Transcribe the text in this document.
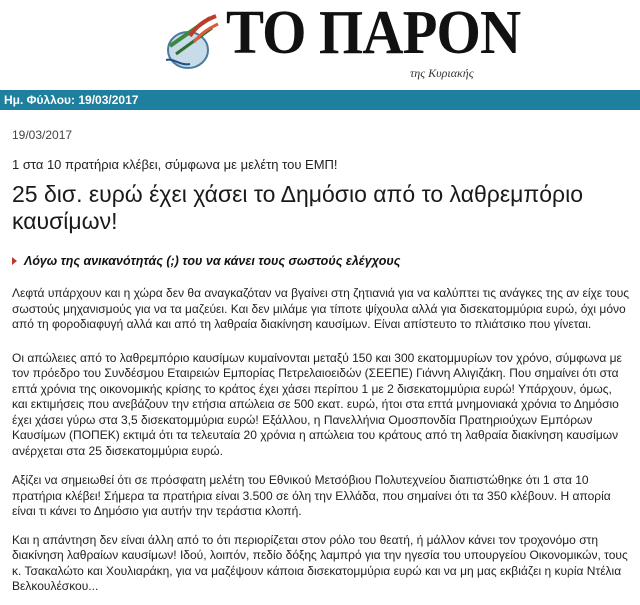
ΤΟ ΠΑΡΟΝ
της Κυριακής
Ημ. Φύλλου: 19/03/2017
19/03/2017
1 στα 10 πρατήρια κλέβει, σύμφωνα με μελέτη του ΕΜΠ!
25 δισ. ευρώ έχει χάσει το Δημόσιο από το λαθρεμπόριο καυσίμων!
Λόγω της ανικανότητάς (;) του να κάνει τους σωστούς ελέγχους

Λεφτά υπάρχουν και η χώρα δεν θα αναγκαζόταν να βγαίνει στη ζητιανιά για να καλύπτει τις ανάγκες της αν είχε τους σωστούς μηχανισμούς για να τα μαζεύει. Και δεν μιλάμε για τίποτε ψίχουλα αλλά για δισεκατομμύρια ευρώ, όχι μόνο από τη φοροδιαφυγή αλλά και από τη λαθραία διακίνηση καυσίμων. Είναι απίστευτο το πλιάτσικο που γίνεται.

Οι απώλειες από το λαθρεμπόριο καυσίμων κυμαίνονται μεταξύ 150 και 300 εκατομμυρίων τον χρόνο, σύμφωνα με τον πρόεδρο του Συνδέσμου Εταιρειών Εμπορίας Πετρελαιοειδών (ΣΕΕΠΕ) Γιάννη Αλιγιζάκη. Που σημαίνει ότι στα επτά χρόνια της οικονομικής κρίσης το κράτος έχει χάσει περίπου 1 με 2 δισεκατομμύρια ευρώ! Υπάρχουν, όμως, και εκτιμήσεις που ανεβάζουν την ετήσια απώλεια σε 500 εκατ. ευρώ, ήτοι στα επτά μνημονιακά χρόνια το Δημόσιο έχει χάσει γύρω στα 3,5 δισεκατομμύρια ευρώ! Εξάλλου, η Πανελλήνια Ομοσπονδία Πρατηριούχων Εμπόρων Καυσίμων (ΠΟΠΕΚ) εκτιμά ότι τα τελευταία 20 χρόνια η απώλεια του κράτους από τη λαθραία διακίνηση καυσίμων ανέρχεται στα 25 δισεκατομμύρια ευρώ.

Αξίζει να σημειωθεί ότι σε πρόσφατη μελέτη του Εθνικού Μετσόβιου Πολυτεχνείου διαπιστώθηκε ότι 1 στα 10 πρατήρια κλέβει! Σήμερα τα πρατήρια είναι 3.500 σε όλη την Ελλάδα, που σημαίνει ότι τα 350 κλέβουν. Η απορία είναι τι κάνει το Δημόσιο για αυτήν την τεράστια κλοπή.

Και η απάντηση δεν είναι άλλη από το ότι περιορίζεται στον ρόλο του θεατή, ή μάλλον κάνει τον τροχονόμο στη διακίνηση λαθραίων καυσίμων! Ιδού, λοιπόν, πεδίο δόξης λαμπρό για την ηγεσία του υπουργείου Οικονομικών, τους κ. Τσακαλώτο και Χουλιαράκη, για να μαζέψουν κάποια δισεκατομμύρια ευρώ και να μη μας εκβιάζει η κυρία Ντέλια Βελκουλέσκου...
